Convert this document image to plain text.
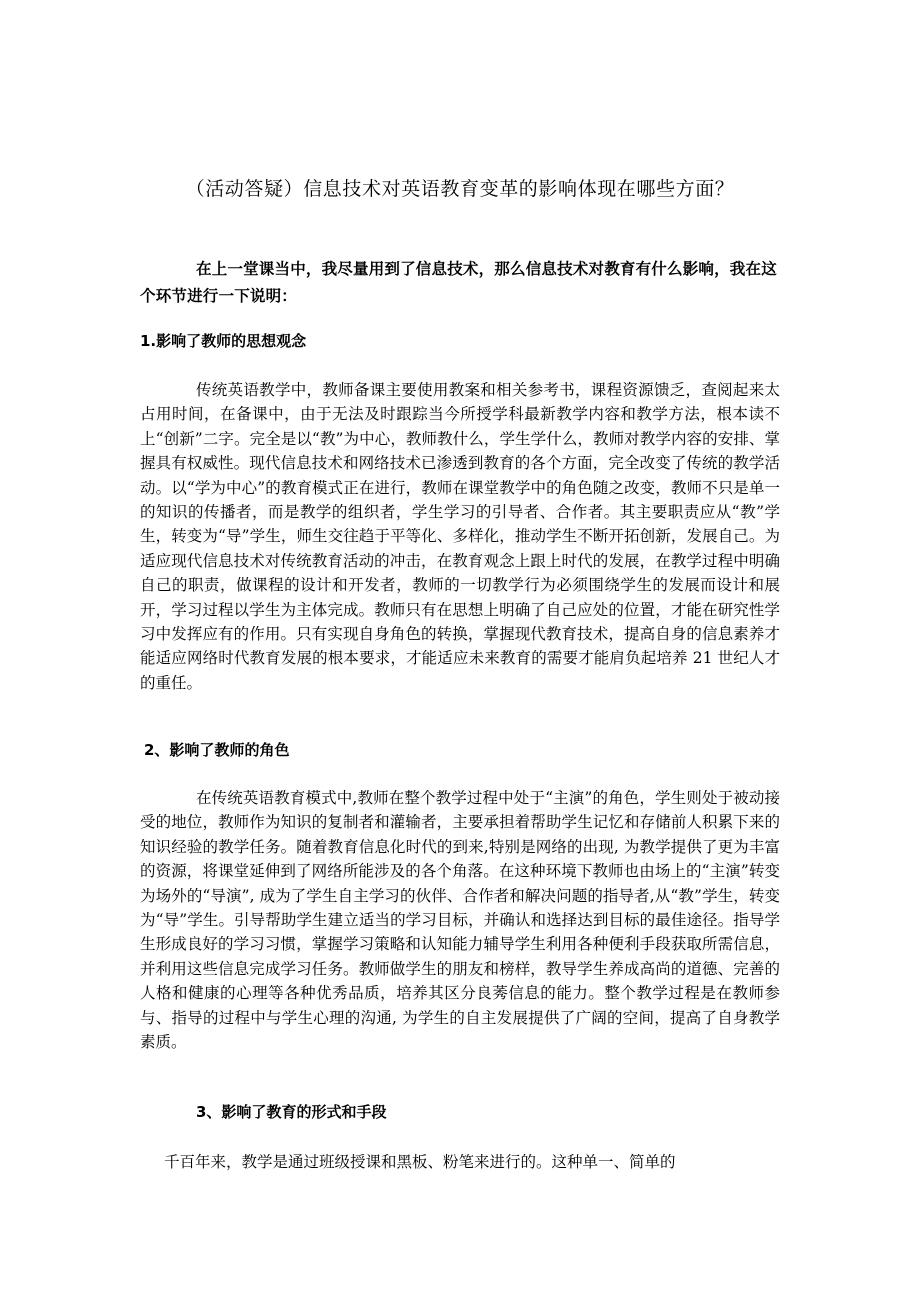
（活动答疑）信息技术对英语教育变革的影响体现在哪些方面？

在上一堂课当中，我尽量用到了信息技术，那么信息技术对教育有什么影响，我在这个环节进行一下说明：

1.影响了教师的思想观念

传统英语教学中，教师备课主要使用教案和相关参考书，课程资源馈乏，查阅起来太占用时间，在备课中，由于无法及时跟踪当今所授学科最新教学内容和教学方法，根本读不上“创新”二字。完全是以“教”为中心，教师教什么，学生学什么，教师对教学内容的安排、掌握具有权威性。现代信息技术和网络技术已渗透到教育的各个方面，完全改变了传统的教学活动。以“学为中心”的教育模式正在进行，教师在课堂教学中的角色随之改变，教师不只是单一的知识的传播者，而是教学的组织者，学生学习的引导者、合作者。其主要职责应从“教”学生，转变为“导”学生，师生交往趋于平等化、多样化，推动学生不断开拓创新，发展自己。为适应现代信息技术对传统教育活动的冲击，在教育观念上跟上时代的发展，在教学过程中明确自己的职责，做课程的设计和开发者，教师的一切教学行为必须围绕学生的发展而设计和展开，学习过程以学生为主体完成。教师只有在思想上明确了自己应处的位置，才能在研究性学习中发挥应有的作用。只有实现自身角色的转换，掌握现代教育技术，提高自身的信息素养才能适应网络时代教育发展的根本要求，才能适应未来教育的需要才能肩负起培养 21 世纪人才的重任。

2、影响了教师的角色

在传统英语教育模式中,教师在整个教学过程中处于“主演”的角色，学生则处于被动接受的地位，教师作为知识的复制者和灌输者，主要承担着帮助学生记忆和存储前人积累下来的知识经验的教学任务。随着教育信息化时代的到来,特别是网络的出现, 为教学提供了更为丰富的资源，将课堂延伸到了网络所能涉及的各个角落。在这种环境下教师也由场上的“主演”转变为场外的“导演”, 成为了学生自主学习的伙伴、合作者和解决问题的指导者,从“教”学生，转变为“导”学生。引导帮助学生建立适当的学习目标，并确认和选择达到目标的最佳途径。指导学生形成良好的学习习惯，掌握学习策略和认知能力辅导学生利用各种便利手段获取所需信息，并利用这些信息完成学习任务。教师做学生的朋友和榜样，教导学生养成高尚的道德、完善的人格和健康的心理等各种优秀品质，培养其区分良莠信息的能力。整个教学过程是在教师参与、指导的过程中与学生心理的沟通, 为学生的自主发展提供了广阔的空间，提高了自身教学素质。

3、影响了教育的形式和手段

千百年来，教学是通过班级授课和黑板、粉笔来进行的。这种单一、简单的
